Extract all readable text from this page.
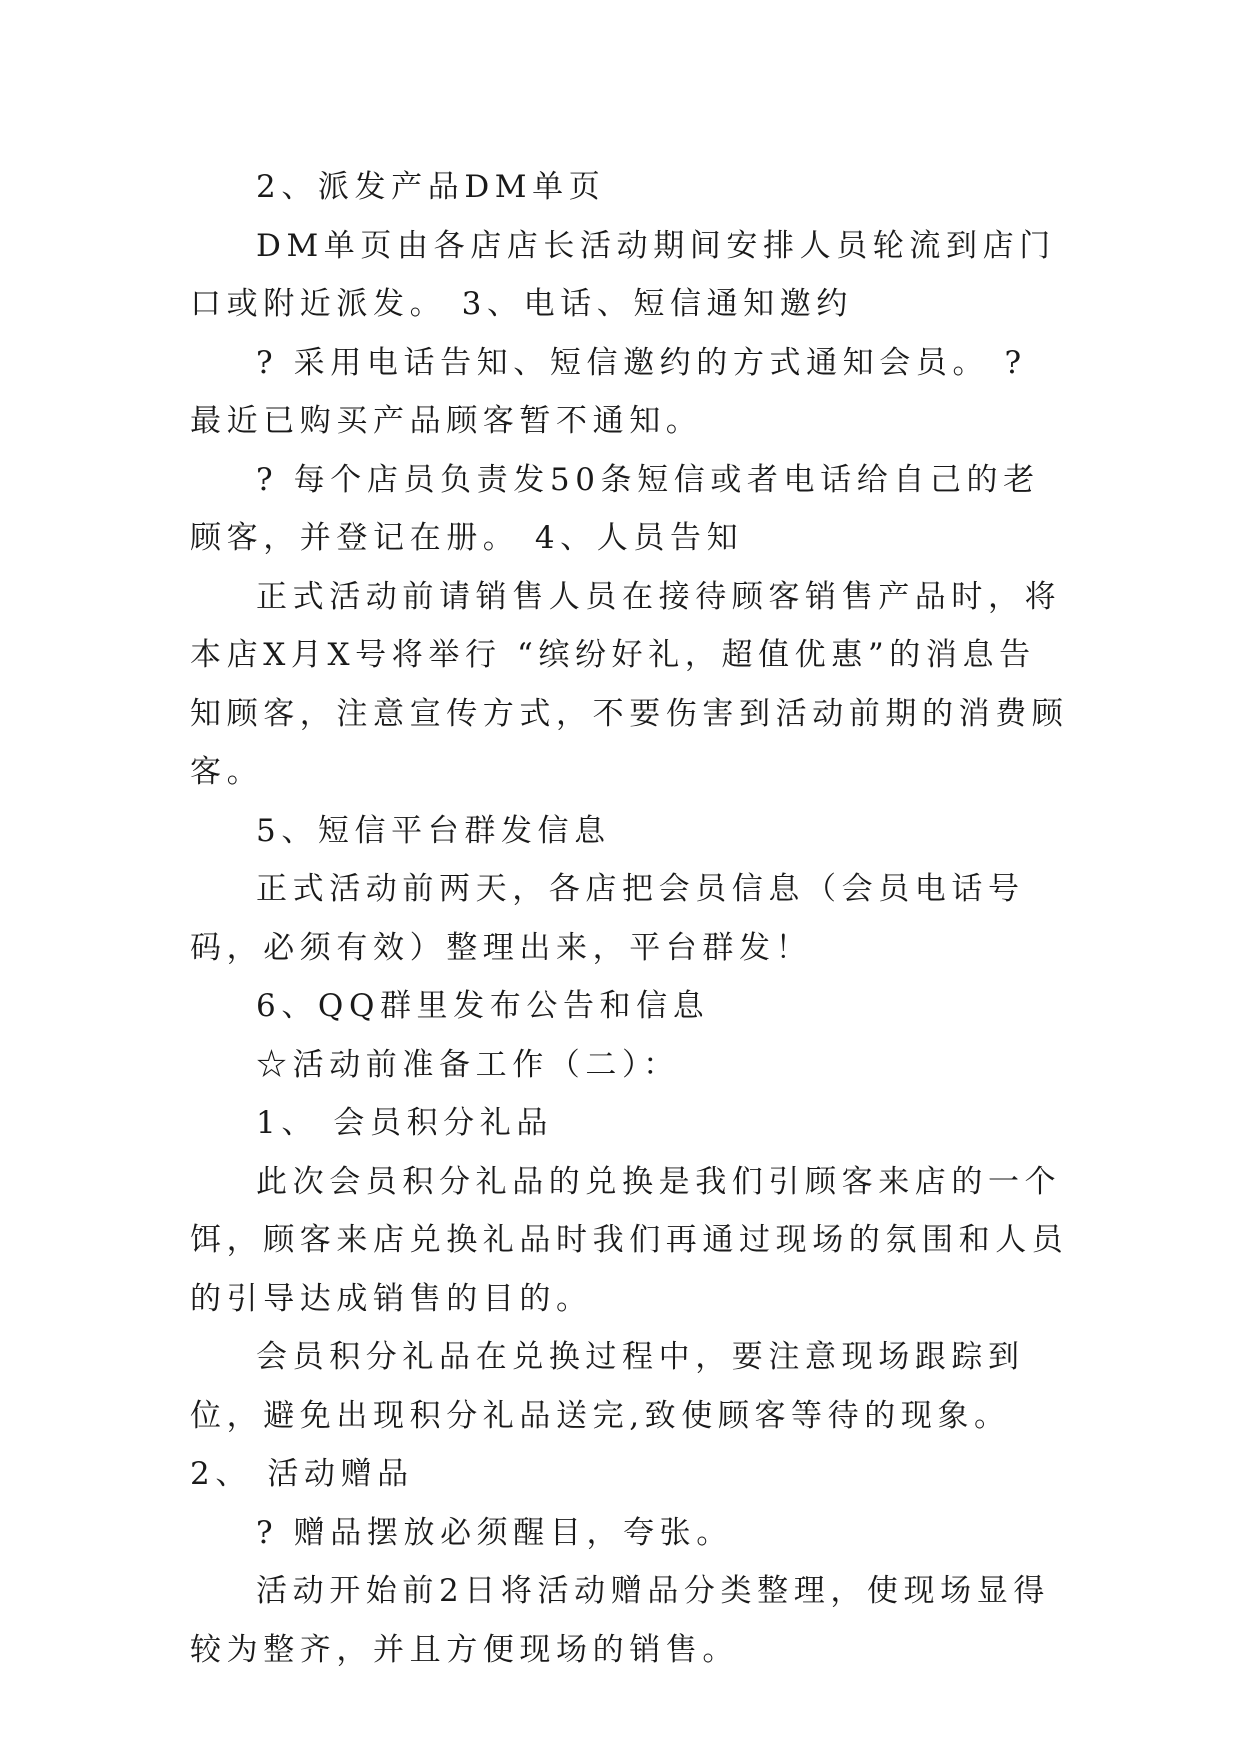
2、派发产品DM单页

DM单页由各店店长活动期间安排人员轮流到店门口或附近派发。 3、电话、短信通知邀约

? 采用电话告知、短信邀约的方式通知会员。 ? 最近已购买产品顾客暂不通知。

? 每个店员负责发50条短信或者电话给自己的老顾客，并登记在册。 4、人员告知

正式活动前请销售人员在接待顾客销售产品时，将本店X月X号将举行 “缤纷好礼，超值优惠”的消息告知顾客，注意宣传方式，不要伤害到活动前期的消费顾客。

5、短信平台群发信息

正式活动前两天，各店把会员信息（会员电话号码，必须有效）整理出来，平台群发！

6、QQ群里发布公告和信息

☆活动前准备工作（二）：

1、 会员积分礼品

此次会员积分礼品的兑换是我们引顾客来店的一个饵，顾客来店兑换礼品时我们再通过现场的氛围和人员的引导达成销售的目的。

会员积分礼品在兑换过程中，要注意现场跟踪到位，避免出现积分礼品送完,致使顾客等待的现象。 2、 活动赠品

? 赠品摆放必须醒目，夸张。

活动开始前2日将活动赠品分类整理，使现场显得较为整齐，并且方便现场的销售。
